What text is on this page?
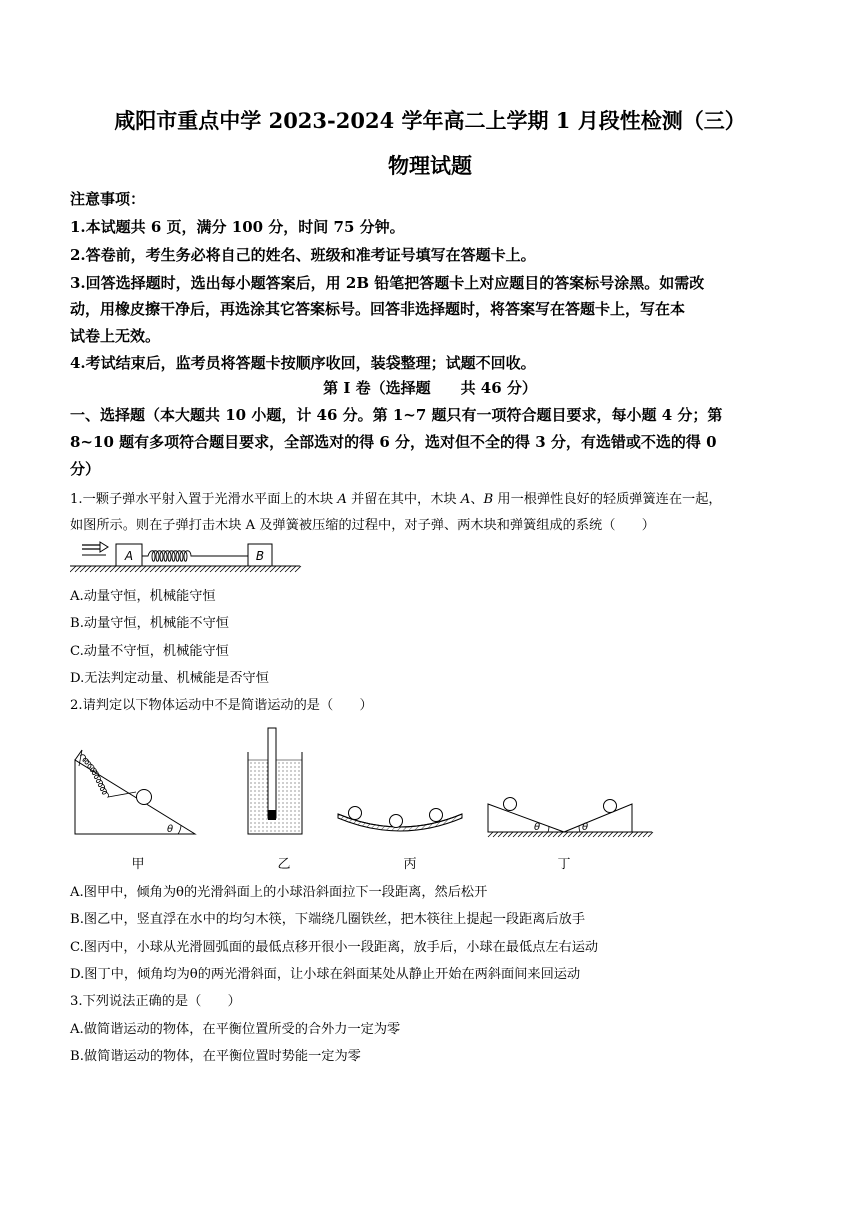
咸阳市重点中学 2023-2024 学年高二上学期 1 月段性检测（三）
物理试题
注意事项：
1.本试题共 6 页，满分 100 分，时间 75 分钟。
2.答卷前，考生务必将自己的姓名、班级和准考证号填写在答题卡上。
3.回答选择题时，选出每小题答案后，用 2B 铅笔把答题卡上对应题目的答案标号涂黑。如需改
动，用橡皮擦干净后，再选涂其它答案标号。回答非选择题时，将答案写在答题卡上，写在本
试卷上无效。
4.考试结束后，监考员将答题卡按顺序收回，装袋整理；试题不回收。
第 I 卷（选择题　　共 46 分）
一、选择题（本大题共 10 小题，计 46 分。第 1~7 题只有一项符合题目要求，每小题 4 分；第
8~10 题有多项符合题目要求，全部选对的得 6 分，选对但不全的得 3 分，有选错或不选的得 0
分）
1.一颗子弹水平射入置于光滑水平面上的木块 A 并留在其中，木块 A、B 用一根弹性良好的轻质弹簧连在一起，
如图所示。则在子弹打击木块 A 及弹簧被压缩的过程中，对子弹、两木块和弹簧组成的系统（　　）
A	B
A.动量守恒，机械能守恒
B.动量守恒，机械能不守恒
C.动量不守恒，机械能守恒
D.无法判定动量、机械能是否守恒
2.请判定以下物体运动中不是简谐运动的是（　　）
θ	θ	θ
甲	乙	丙	丁
A.图甲中，倾角为θ的光滑斜面上的小球沿斜面拉下一段距离，然后松开
B.图乙中，竖直浮在水中的均匀木筷，下端绕几圈铁丝，把木筷往上提起一段距离后放手
C.图丙中，小球从光滑圆弧面的最低点移开很小一段距离，放手后，小球在最低点左右运动
D.图丁中，倾角均为θ的两光滑斜面，让小球在斜面某处从静止开始在两斜面间来回运动
3.下列说法正确的是（　　）
A.做简谐运动的物体，在平衡位置所受的合外力一定为零
B.做简谐运动的物体，在平衡位置时势能一定为零
